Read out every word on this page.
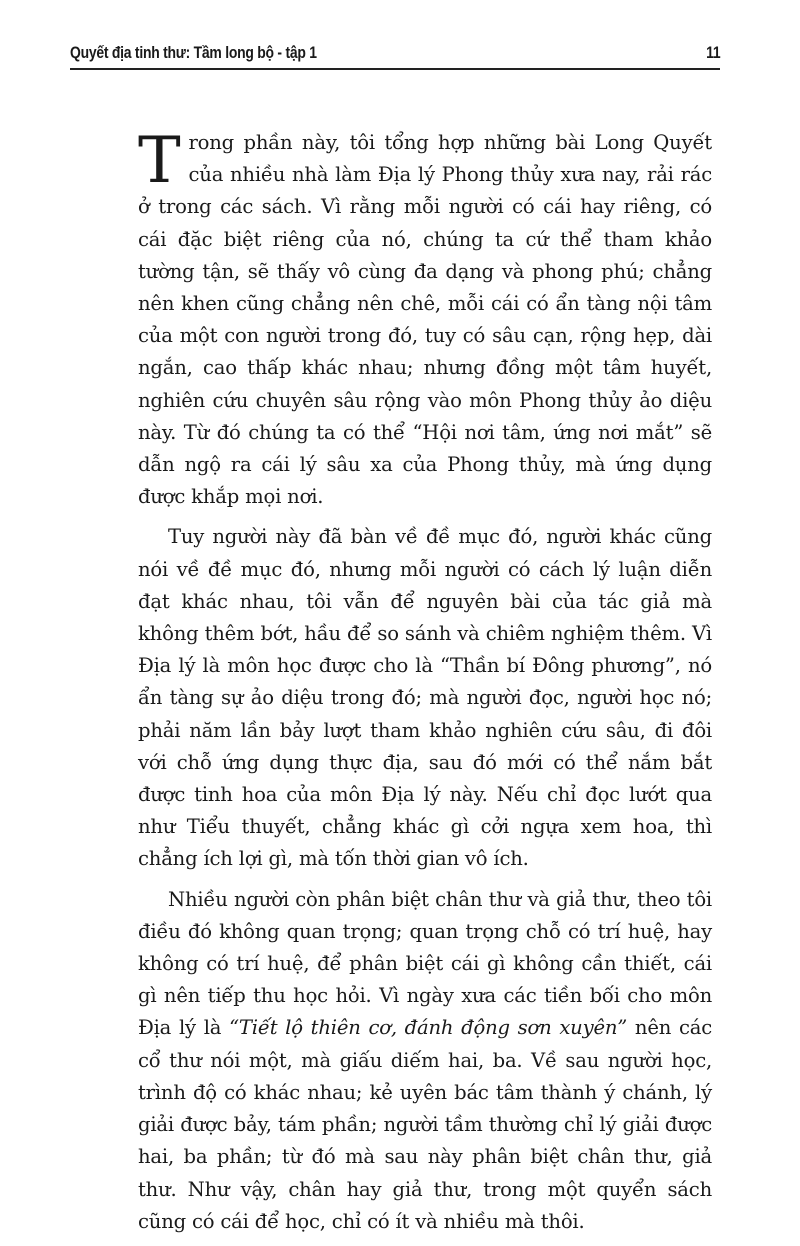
Quyết địa tinh thư: Tầm long bộ - tập 1	11

Trong phần này, tôi tổng hợp những bài Long Quyết của nhiều nhà làm Địa lý Phong thủy xưa nay, rải rác ở trong các sách. Vì rằng mỗi người có cái hay riêng, có cái đặc biệt riêng của nó, chúng ta cứ thể tham khảo tường tận, sẽ thấy vô cùng đa dạng và phong phú; chẳng nên khen cũng chẳng nên chê, mỗi cái có ẩn tàng nội tâm của một con người trong đó, tuy có sâu cạn, rộng hẹp, dài ngắn, cao thấp khác nhau; nhưng đồng một tâm huyết, nghiên cứu chuyên sâu rộng vào môn Phong thủy ảo diệu này. Từ đó chúng ta có thể “Hội nơi tâm, ứng nơi mắt” sẽ dẫn ngộ ra cái lý sâu xa của Phong thủy, mà ứng dụng được khắp mọi nơi.

Tuy người này đã bàn về đề mục đó, người khác cũng nói về đề mục đó, nhưng mỗi người có cách lý luận diễn đạt khác nhau, tôi vẫn để nguyên bài của tác giả mà không thêm bớt, hầu để so sánh và chiêm nghiệm thêm. Vì Địa lý là môn học được cho là “Thần bí Đông phương”, nó ẩn tàng sự ảo diệu trong đó; mà người đọc, người học nó; phải năm lần bảy lượt tham khảo nghiên cứu sâu, đi đôi với chỗ ứng dụng thực địa, sau đó mới có thể nắm bắt được tinh hoa của môn Địa lý này. Nếu chỉ đọc lướt qua như Tiểu thuyết, chẳng khác gì cởi ngựa xem hoa, thì chẳng ích lợi gì, mà tốn thời gian vô ích.

Nhiều người còn phân biệt chân thư và giả thư, theo tôi điều đó không quan trọng; quan trọng chỗ có trí huệ, hay không có trí huệ, để phân biệt cái gì không cần thiết, cái gì nên tiếp thu học hỏi. Vì ngày xưa các tiền bối cho môn Địa lý là “Tiết lộ thiên cơ, đánh động sơn xuyên” nên các cổ thư nói một, mà giấu diếm hai, ba. Về sau người học, trình độ có khác nhau; kẻ uyên bác tâm thành ý chánh, lý giải được bảy, tám phần; người tầm thường chỉ lý giải được hai, ba phần; từ đó mà sau này phân biệt chân thư, giả thư. Như vậy, chân hay giả thư, trong một quyển sách cũng có cái để học, chỉ có ít và nhiều mà thôi.
